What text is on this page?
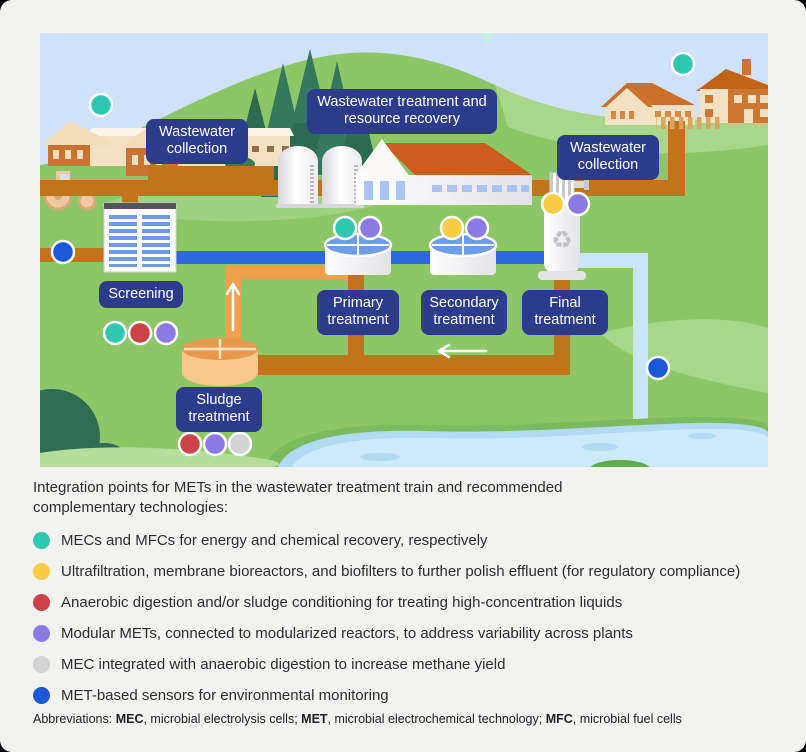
♻
Wastewater collection
Wastewater treatment and resource recovery
Wastewater collection
Screening
Primary treatment
Secondary treatment
Final treatment
Sludge treatment
Integration points for METs in the wastewater treatment train and recommended
complementary technologies:
MECs and MFCs for energy and chemical recovery, respectively
Ultrafiltration, membrane bioreactors, and biofilters to further polish effluent (for regulatory compliance)
Anaerobic digestion and/or sludge conditioning for treating high-concentration liquids
Modular METs, connected to modularized reactors, to address variability across plants
MEC integrated with anaerobic digestion to increase methane yield
MET-based sensors for environmental monitoring
Abbreviations: MEC, microbial electrolysis cells; MET, microbial electrochemical technology; MFC, microbial fuel cells
